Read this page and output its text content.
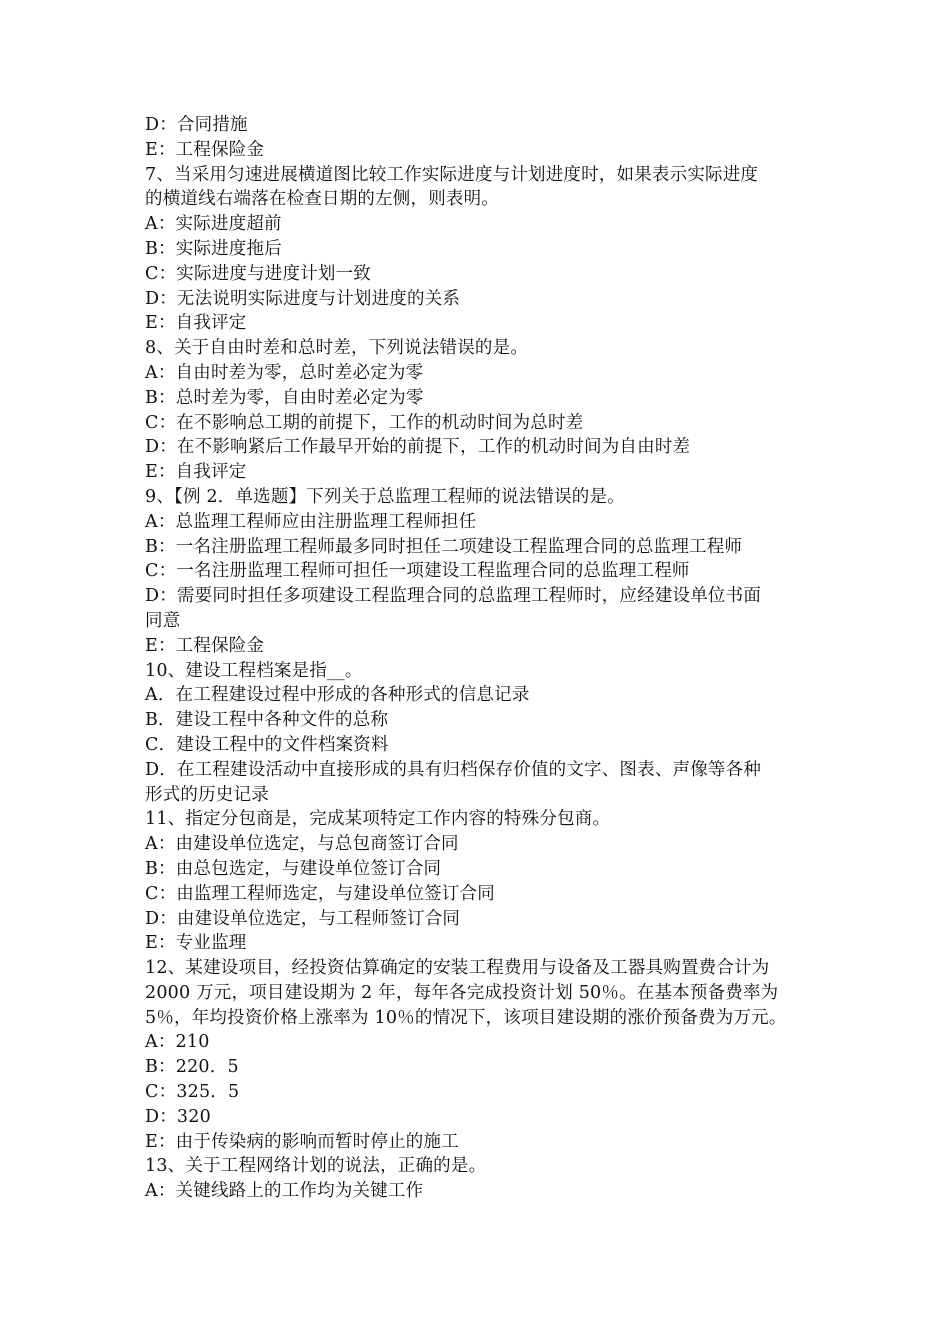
D：合同措施
E：工程保险金
7、当采用匀速进展横道图比较工作实际进度与计划进度时，如果表示实际进度
的横道线右端落在检查日期的左侧，则表明。
A：实际进度超前
B：实际进度拖后
C：实际进度与进度计划一致
D：无法说明实际进度与计划进度的关系
E：自我评定
8、关于自由时差和总时差，下列说法错误的是。
A：自由时差为零，总时差必定为零
B：总时差为零，自由时差必定为零
C：在不影响总工期的前提下，工作的机动时间为总时差
D：在不影响紧后工作最早开始的前提下，工作的机动时间为自由时差
E：自我评定
9、【例 2．单选题】下列关于总监理工程师的说法错误的是。
A：总监理工程师应由注册监理工程师担任
B：一名注册监理工程师最多同时担任二项建设工程监理合同的总监理工程师
C：一名注册监理工程师可担任一项建设工程监理合同的总监理工程师
D：需要同时担任多项建设工程监理合同的总监理工程师时，应经建设单位书面
同意
E：工程保险金
10、建设工程档案是指__。
A．在工程建设过程中形成的各种形式的信息记录
B．建设工程中各种文件的总称
C．建设工程中的文件档案资料
D．在工程建设活动中直接形成的具有归档保存价值的文字、图表、声像等各种
形式的历史记录
11、指定分包商是，完成某项特定工作内容的特殊分包商。
A：由建设单位选定，与总包商签订合同
B：由总包选定，与建设单位签订合同
C：由监理工程师选定，与建设单位签订合同
D：由建设单位选定，与工程师签订合同
E：专业监理
12、某建设项目，经投资估算确定的安装工程费用与设备及工器具购置费合计为
2000 万元，项目建设期为 2 年，每年各完成投资计划 50％。在基本预备费率为
5％，年均投资价格上涨率为 10％的情况下，该项目建设期的涨价预备费为万元。
A：210
B：220．5
C：325．5
D：320
E：由于传染病的影响而暂时停止的施工
13、关于工程网络计划的说法，正确的是。
A：关键线路上的工作均为关键工作
